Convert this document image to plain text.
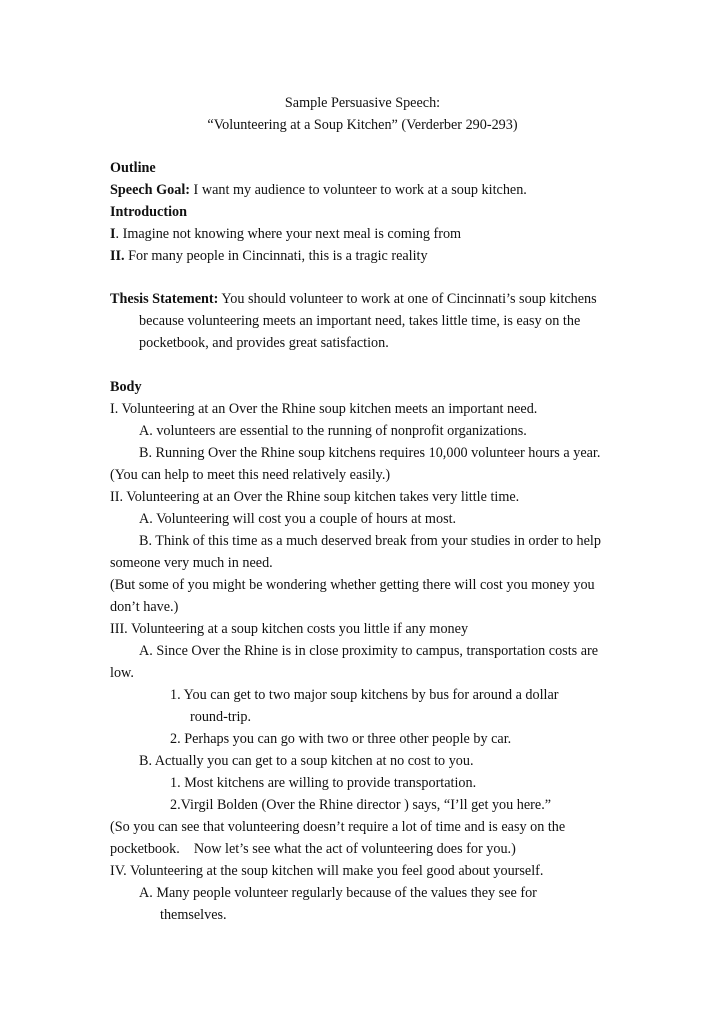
Sample Persuasive Speech:
“Volunteering at a Soup Kitchen” (Verderber 290-293)
Outline
Speech Goal: I want my audience to volunteer to work at a soup kitchen.
Introduction
I. Imagine not knowing where your next meal is coming from
II. For many people in Cincinnati, this is a tragic reality
Thesis Statement: You should volunteer to work at one of Cincinnati’s soup kitchens
because volunteering meets an important need, takes little time, is easy on the
pocketbook, and provides great satisfaction.
Body
I. Volunteering at an Over the Rhine soup kitchen meets an important need.
A. volunteers are essential to the running of nonprofit organizations.
B. Running Over the Rhine soup kitchens requires 10,000 volunteer hours a year.
(You can help to meet this need relatively easily.)
II. Volunteering at an Over the Rhine soup kitchen takes very little time.
A. Volunteering will cost you a couple of hours at most.
B. Think of this time as a much deserved break from your studies in order to help
someone very much in need.
(But some of you might be wondering whether getting there will cost you money you
don’t have.)
III. Volunteering at a soup kitchen costs you little if any money
A. Since Over the Rhine is in close proximity to campus, transportation costs are
low.
1. You can get to two major soup kitchens by bus for around a dollar
round-trip.
2. Perhaps you can go with two or three other people by car.
B. Actually you can get to a soup kitchen at no cost to you.
1. Most kitchens are willing to provide transportation.
2.Virgil Bolden (Over the Rhine director ) says, “I’ll get you here.”
(So you can see that volunteering doesn’t require a lot of time and is easy on the
pocketbook.    Now let’s see what the act of volunteering does for you.)
IV. Volunteering at the soup kitchen will make you feel good about yourself.
A. Many people volunteer regularly because of the values they see for
themselves.
